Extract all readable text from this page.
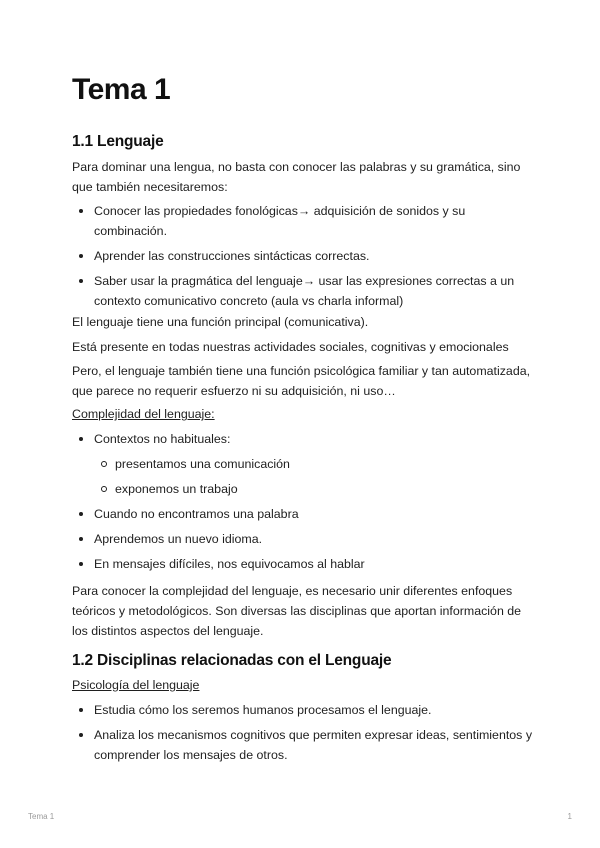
Tema 1
1.1 Lenguaje

Para dominar una lengua, no basta con conocer las palabras y su gramática, sino que también necesitaremos:

Conocer las propiedades fonológicas→ adquisición de sonidos y su combinación.
Aprender las construcciones sintácticas correctas.
Saber usar la pragmática del lenguaje→ usar las expresiones correctas a un contexto comunicativo concreto (aula vs charla informal)

El lenguaje tiene una función principal (comunicativa).

Está presente en todas nuestras actividades sociales, cognitivas y emocionales

Pero, el lenguaje también tiene una función psicológica familiar y tan automatizada, que parece no requerir esfuerzo ni su adquisición, ni uso…

Complejidad del lenguaje:

Contextos no habituales:
presentamos una comunicación
exponemos un trabajo
Cuando no encontramos una palabra
Aprendemos un nuevo idioma.
En mensajes difíciles, nos equivocamos al hablar

Para conocer la complejidad del lenguaje, es necesario unir diferentes enfoques teóricos y metodológicos. Son diversas las disciplinas que aportan información de los distintos aspectos del lenguaje.

1.2 Disciplinas relacionadas con el Lenguaje

Psicología del lenguaje

Estudia cómo los seremos humanos procesamos el lenguaje.
Analiza los mecanismos cognitivos que permiten expresar ideas, sentimientos y comprender los mensajes de otros.
Tema 1	1
